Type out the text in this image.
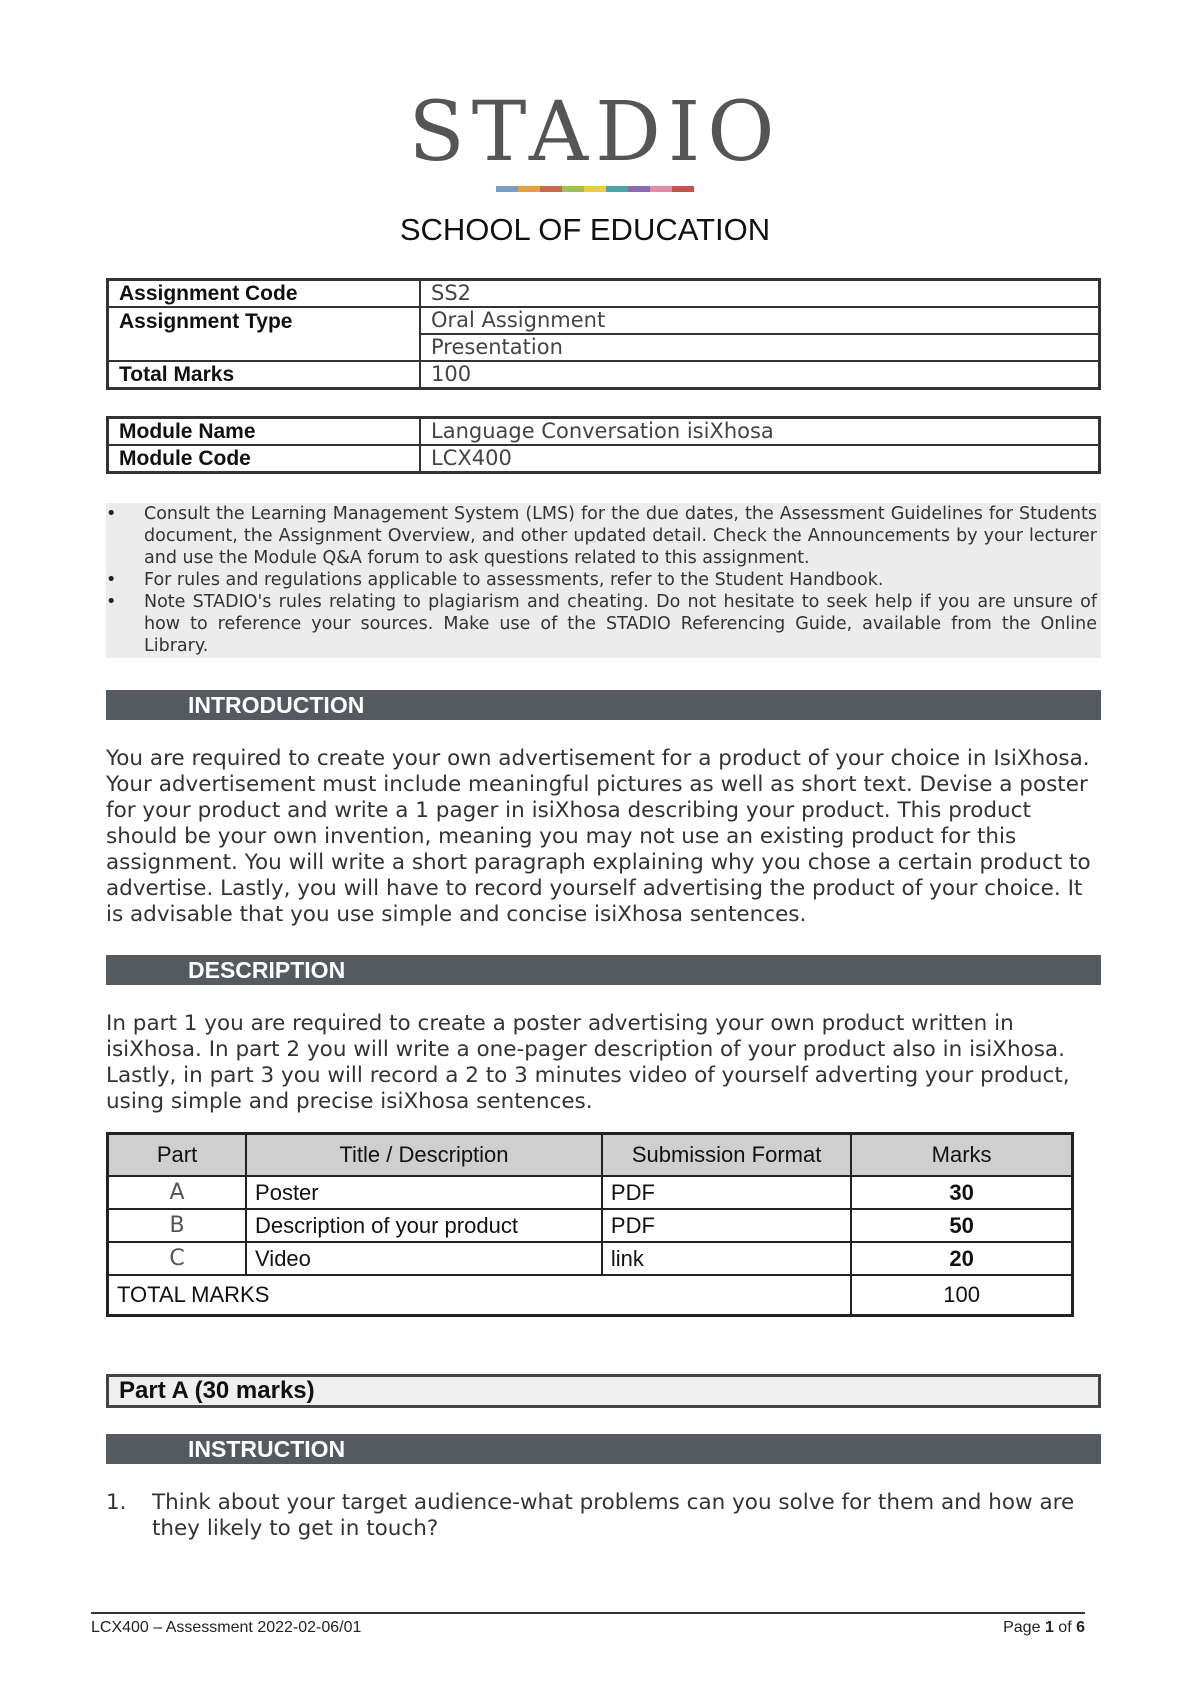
STADIO
SCHOOL OF EDUCATION
Assignment Code	SS2
Assignment Type	Oral Assignment
	Presentation
Total Marks	100
Module Name	Language Conversation isiXhosa
Module Code	LCX400
• Consult the Learning Management System (LMS) for the due dates, the Assessment Guidelines for Students document, the Assignment Overview, and other updated detail. Check the Announcements by your lecturer and use the Module Q&A forum to ask questions related to this assignment.
• For rules and regulations applicable to assessments, refer to the Student Handbook.
• Note STADIO's rules relating to plagiarism and cheating. Do not hesitate to seek help if you are unsure of how to reference your sources. Make use of the STADIO Referencing Guide, available from the Online Library.
INTRODUCTION

You are required to create your own advertisement for a product of your choice in IsiXhosa. Your advertisement must include meaningful pictures as well as short text. Devise a poster for your product and write a 1 pager in isiXhosa describing your product. This product should be your own invention, meaning you may not use an existing product for this assignment. You will write a short paragraph explaining why you chose a certain product to advertise. Lastly, you will have to record yourself advertising the product of your choice. It is advisable that you use simple and concise isiXhosa sentences.

DESCRIPTION

In part 1 you are required to create a poster advertising your own product written in isiXhosa. In part 2 you will write a one-pager description of your product also in isiXhosa. Lastly, in part 3 you will record a 2 to 3 minutes video of yourself adverting your product, using simple and precise isiXhosa sentences.

Part	Title / Description	Submission Format	Marks
A	Poster	PDF	30
B	Description of your product	PDF	50
C	Video	link	20
TOTAL MARKS			100
Part A (30 marks)
INSTRUCTION
1.	Think about your target audience-what problems can you solve for them and how are they likely to get in touch?
LCX400 – Assessment 2022-02-06/01	Page 1 of 6
